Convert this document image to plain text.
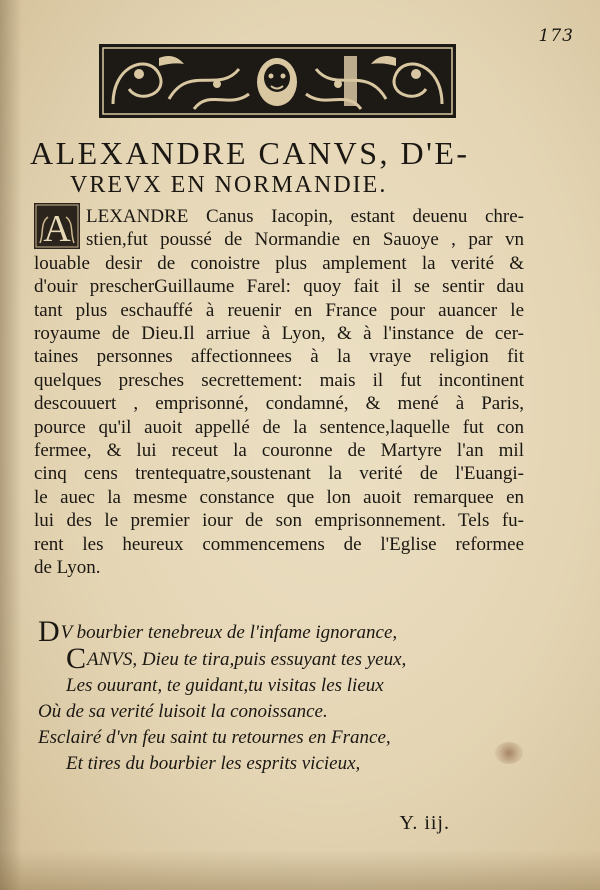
173
ALEXANDRE CANVS, D'E-
VREVX EN NORMANDIE.
A LEXANDRE Canus Iacopin, estant deuenu chre-
stien,fut poussé de Normandie en Sauoye , par vn
louable desir de conoistre plus amplement la verité &
d'ouir prescherGuillaume Farel: quoy fait il se sentir dau
tant plus eschauffé à reuenir en France pour auancer le
royaume de Dieu.Il arriue à Lyon, & à l'instance de cer-
taines personnes affectionnees à la vraye religion fit
quelques presches secrettement: mais il fut incontinent
descouuert , emprisonné, condamné, & mené à Paris,
pource qu'il auoit appellé de la sentence,laquelle fut con
fermee, & lui receut la couronne de Martyre l'an mil
cinq cens trentequatre,soustenant la verité de l'Euangi-
le auec la mesme constance que lon auoit remarquee en
lui des le premier iour de son emprisonnement. Tels fu-
rent les heureux commencemens de l'Eglise reformee
de Lyon.
DV bourbier tenebreux de l'infame ignorance,
CANVS, Dieu te tira,puis essuyant tes yeux,
Les ouurant, te guidant,tu visitas les lieux
Où de sa verité luisoit la conoissance.
Esclairé d'vn feu saint tu retournes en France,
Et tires du bourbier les esprits vicieux,
Y. iij.
